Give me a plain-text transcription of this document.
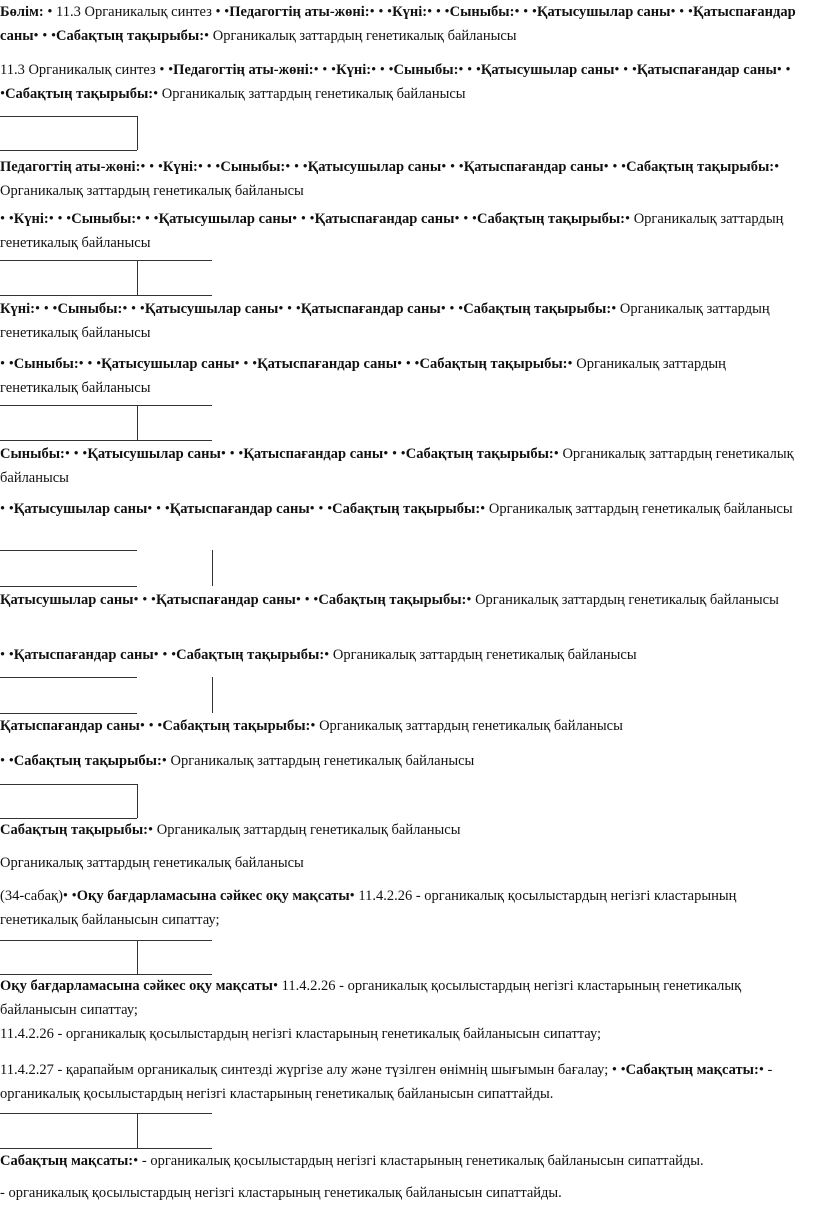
Бөлім: • 11.3 Органикалық синтез • •Педагогтің аты-жөні:• • •Күні:• • •Сыныбы:• • •Қатысушылар саны• • •Қатыспағандар саны• • •Сабақтың тақырыбы:• Органикалық заттардың генетикалық байланысы

11.3 Органикалық синтез • •Педагогтің аты-жөні:• • •Күні:• • •Сыныбы:• • •Қатысушылар саны• • •Қатыспағандар саны• • •Сабақтың тақырыбы:• Органикалық заттардың генетикалық байланысы

Педагогтің аты-жөні:• • •Күні:• • •Сыныбы:• • •Қатысушылар саны• • •Қатыспағандар саны• • •Сабақтың тақырыбы:• Органикалық заттардың генетикалық байланысы

• •Күні:• • •Сыныбы:• • •Қатысушылар саны• • •Қатыспағандар саны• • •Сабақтың тақырыбы:• Органикалық заттардың генетикалық байланысы

Күні:• • •Сыныбы:• • •Қатысушылар саны• • •Қатыспағандар саны• • •Сабақтың тақырыбы:• Органикалық заттардың генетикалық байланысы

• •Сыныбы:• • •Қатысушылар саны• • •Қатыспағандар саны• • •Сабақтың тақырыбы:• Органикалық заттардың генетикалық байланысы

Сыныбы:• • •Қатысушылар саны• • •Қатыспағандар саны• • •Сабақтың тақырыбы:• Органикалық заттардың генетикалық байланысы

• •Қатысушылар саны• • •Қатыспағандар саны• • •Сабақтың тақырыбы:• Органикалық заттардың генетикалық байланысы

Қатысушылар саны• • •Қатыспағандар саны• • •Сабақтың тақырыбы:• Органикалық заттардың генетикалық байланысы

• •Қатыспағандар саны• • •Сабақтың тақырыбы:• Органикалық заттардың генетикалық байланысы

Қатыспағандар саны• • •Сабақтың тақырыбы:• Органикалық заттардың генетикалық байланысы

• •Сабақтың тақырыбы:• Органикалық заттардың генетикалық байланысы

Сабақтың тақырыбы:• Органикалық заттардың генетикалық байланысы

Органикалық заттардың генетикалық байланысы

(34-сабақ)• •Оқу бағдарламасына сәйкес оқу мақсаты• 11.4.2.26 - органикалық қосылыстардың негізгі кластарының генетикалық байланысын сипаттау;

Оқу бағдарламасына сәйкес оқу мақсаты• 11.4.2.26 - органикалық қосылыстардың негізгі кластарының генетикалық байланысын сипаттау;

11.4.2.26 - органикалық қосылыстардың негізгі кластарының генетикалық байланысын сипаттау;

11.4.2.27 - қарапайым органикалық синтезді жүргізе алу және түзілген өнімнің шығымын бағалау; • •Сабақтың мақсаты:• - органикалық қосылыстардың негізгі кластарының генетикалық байланысын сипаттайды.

Сабақтың мақсаты:• - органикалық қосылыстардың негізгі кластарының генетикалық байланысын сипаттайды.

- органикалық қосылыстардың негізгі кластарының генетикалық байланысын сипаттайды.
